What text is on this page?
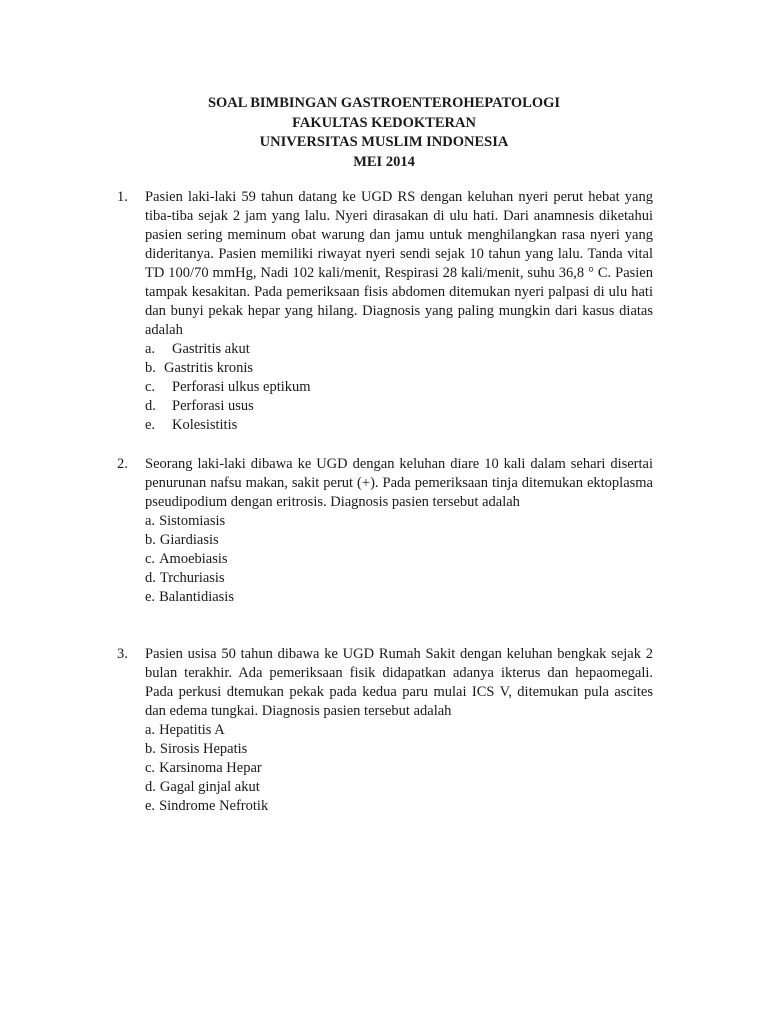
SOAL BIMBINGAN GASTROENTEROHEPATOLOGI
FAKULTAS KEDOKTERAN
UNIVERSITAS MUSLIM INDONESIA
MEI 2014
1. Pasien laki-laki 59 tahun datang ke UGD RS dengan keluhan nyeri perut hebat yang tiba-tiba sejak 2 jam yang lalu. Nyeri dirasakan di ulu hati. Dari anamnesis diketahui pasien sering meminum obat warung dan jamu untuk menghilangkan rasa nyeri yang dideritanya. Pasien memiliki riwayat nyeri sendi sejak 10 tahun yang lalu. Tanda vital TD 100/70 mmHg, Nadi 102 kali/menit, Respirasi 28 kali/menit, suhu 36,8 ° C. Pasien tampak kesakitan. Pada pemeriksaan fisis abdomen ditemukan nyeri palpasi di ulu hati dan bunyi pekak hepar yang hilang. Diagnosis yang paling mungkin dari kasus diatas adalah
a. Gastritis akut
b. Gastritis kronis
c. Perforasi ulkus eptikum
d. Perforasi usus
e. Kolesistitis
2. Seorang laki-laki dibawa ke UGD dengan keluhan diare 10 kali dalam sehari disertai penurunan nafsu makan, sakit perut (+). Pada pemeriksaan tinja ditemukan ektoplasma pseudipodium dengan eritrosis. Diagnosis pasien tersebut adalah
a. Sistomiasis
b. Giardiasis
c. Amoebiasis
d. Trchuriasis
e. Balantidiasis
3. Pasien usisa 50 tahun dibawa ke UGD Rumah Sakit dengan keluhan bengkak sejak 2 bulan terakhir. Ada pemeriksaan fisik didapatkan adanya ikterus dan hepaomegali. Pada perkusi dtemukan pekak pada kedua paru mulai ICS V, ditemukan pula ascites dan edema tungkai. Diagnosis pasien tersebut adalah
a. Hepatitis A
b. Sirosis Hepatis
c. Karsinoma Hepar
d. Gagal ginjal akut
e. Sindrome Nefrotik
